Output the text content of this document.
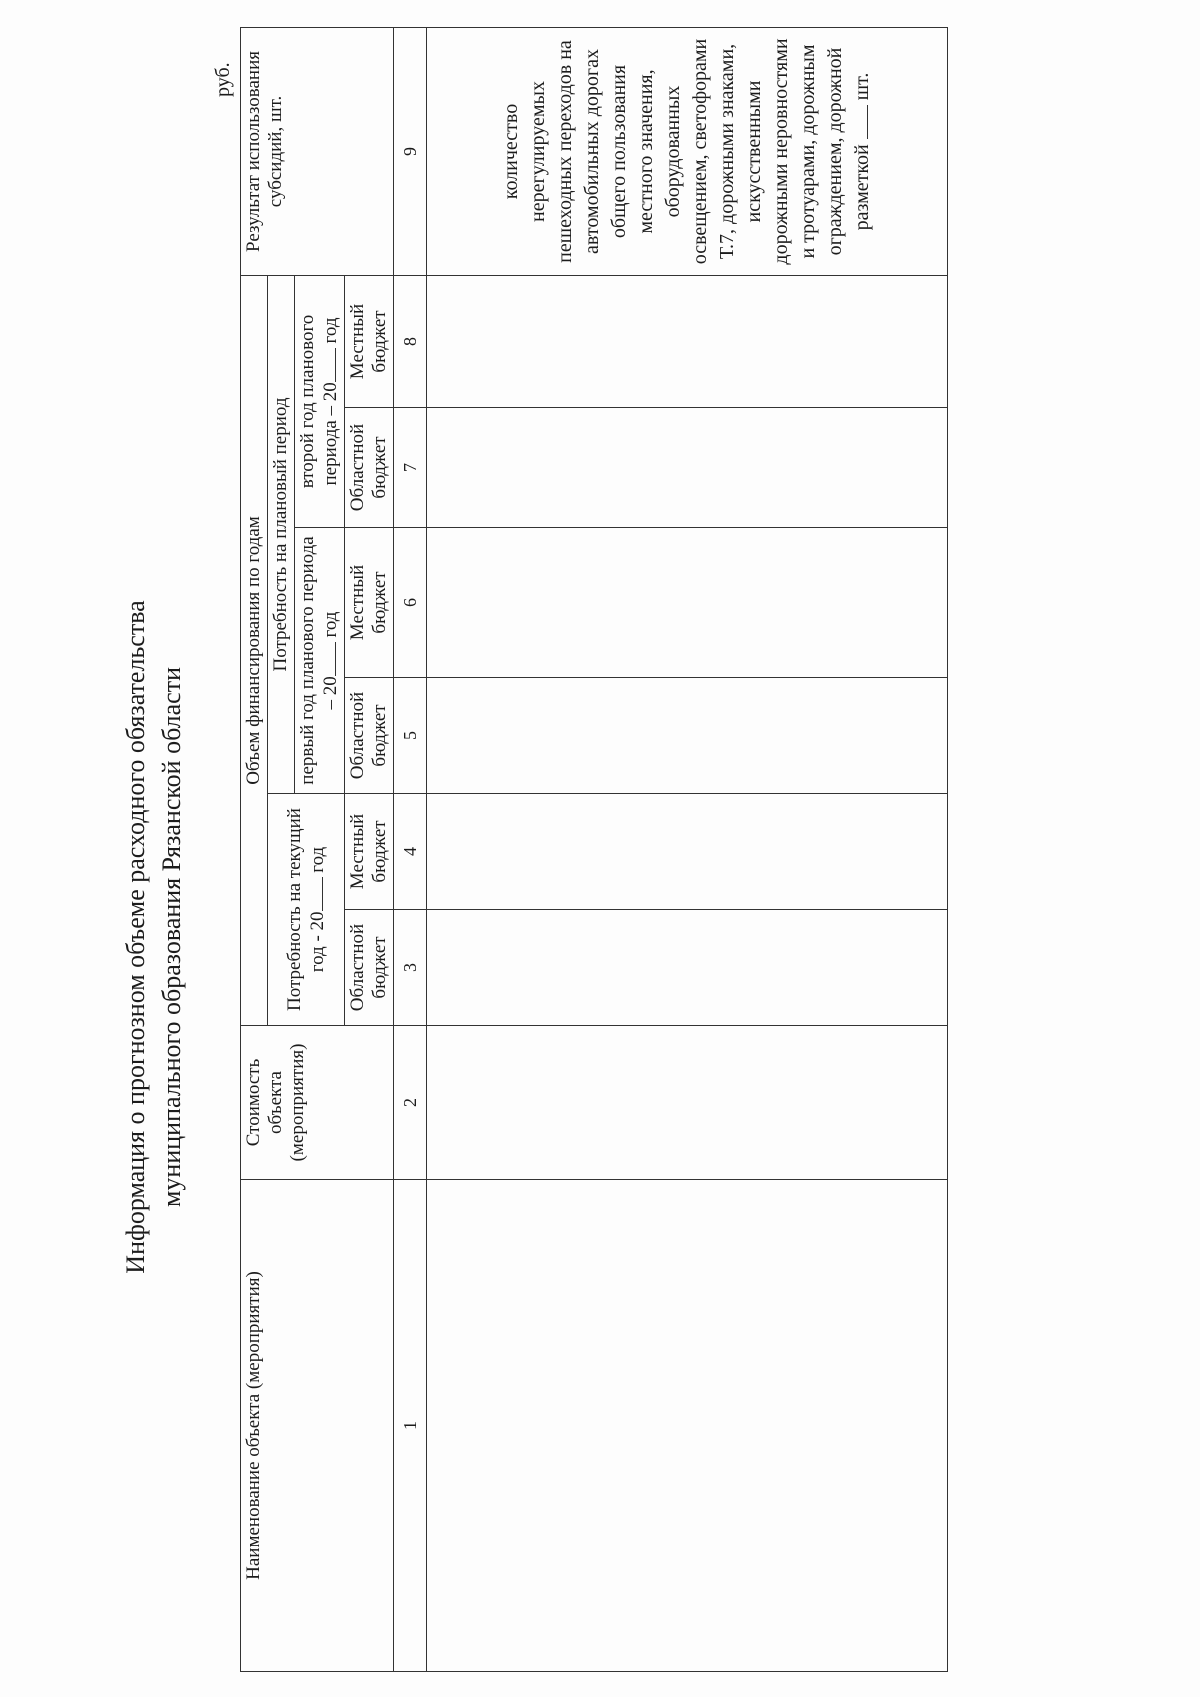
Информация о прогнозном объеме расходного обязательства муниципального образования Рязанской области
руб.
Наименование объекта (мероприятия)	Стоимость объекта (мероприятия)	Объем финансирования по годам						Результат использования субсидий, шт.
		Потребность на текущий год - 20 год		Потребность на плановый период				
				первый год планового периода – 20 год		второй год планового периода – 20 год		
		Областной бюджет	Местный бюджет	Областной бюджет	Местный бюджет	Областной бюджет	Местный бюджет	
1	2	3	4	5	6	7	8	9
								количество нерегулируемых пешеходных переходов на автомобильных дорогах общего пользования местного значения, оборудованных освещением, светофорами Т.7, дорожными знаками, искусственными дорожными неровностями и тротуарами, дорожным ограждением, дорожной разметкой  шт.
